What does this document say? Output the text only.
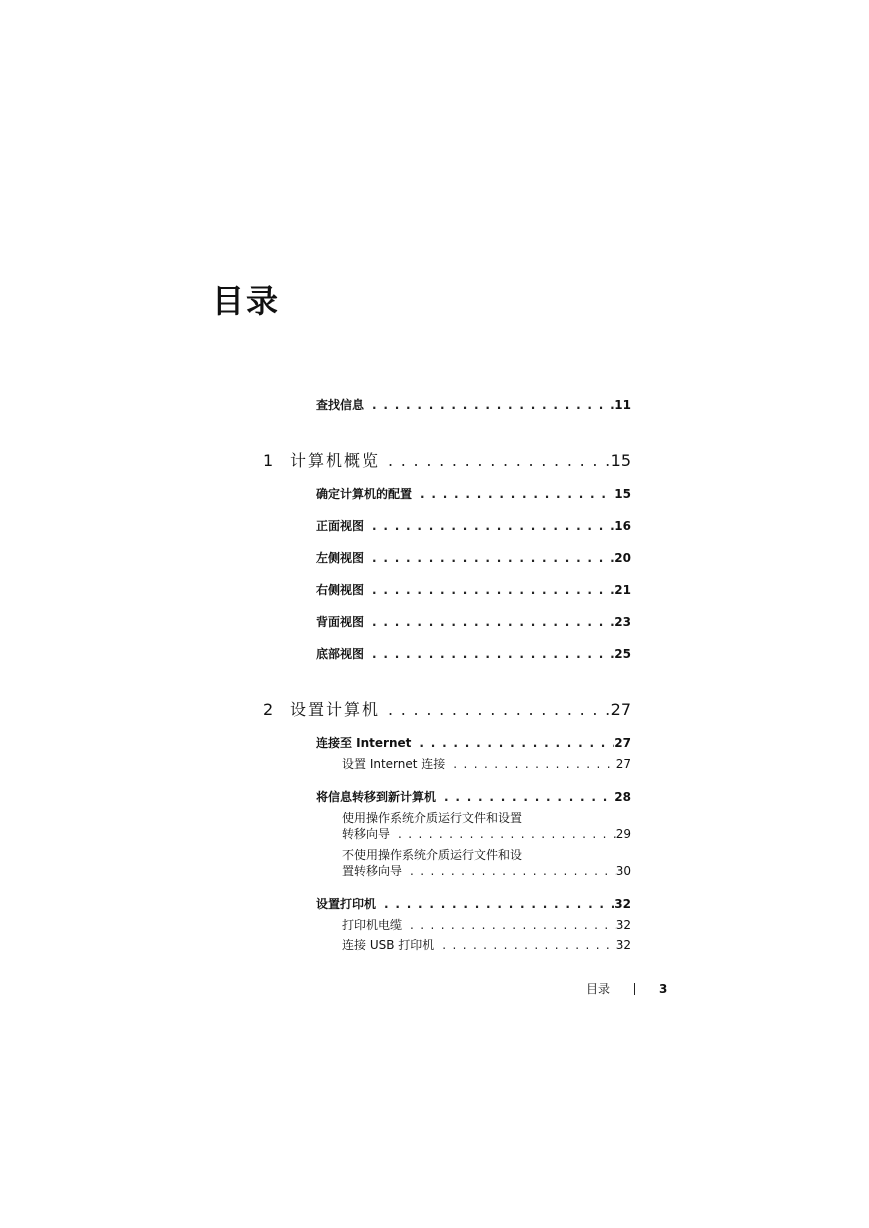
目录
查找信息 . . .	11
1	计算机概览 . . .	15
确定计算机的配置 . . .	15
正面视图 . . .	16
左侧视图 . . .	20
右侧视图 . . .	21
背面视图 . . .	23
底部视图 . . .	25
2	设置计算机 . . .	27
连接至 Internet . . .	27
设置 Internet 连接 . . .	27
将信息转移到新计算机 . . .	28
使用操作系统介质运行文件和设置
转移向导 . . .	29
不使用操作系统介质运行文件和设
置转移向导 . . .	30
设置打印机 . . .	32
打印机电缆 . . .	32
连接 USB 打印机 . . .	32
目录	3
